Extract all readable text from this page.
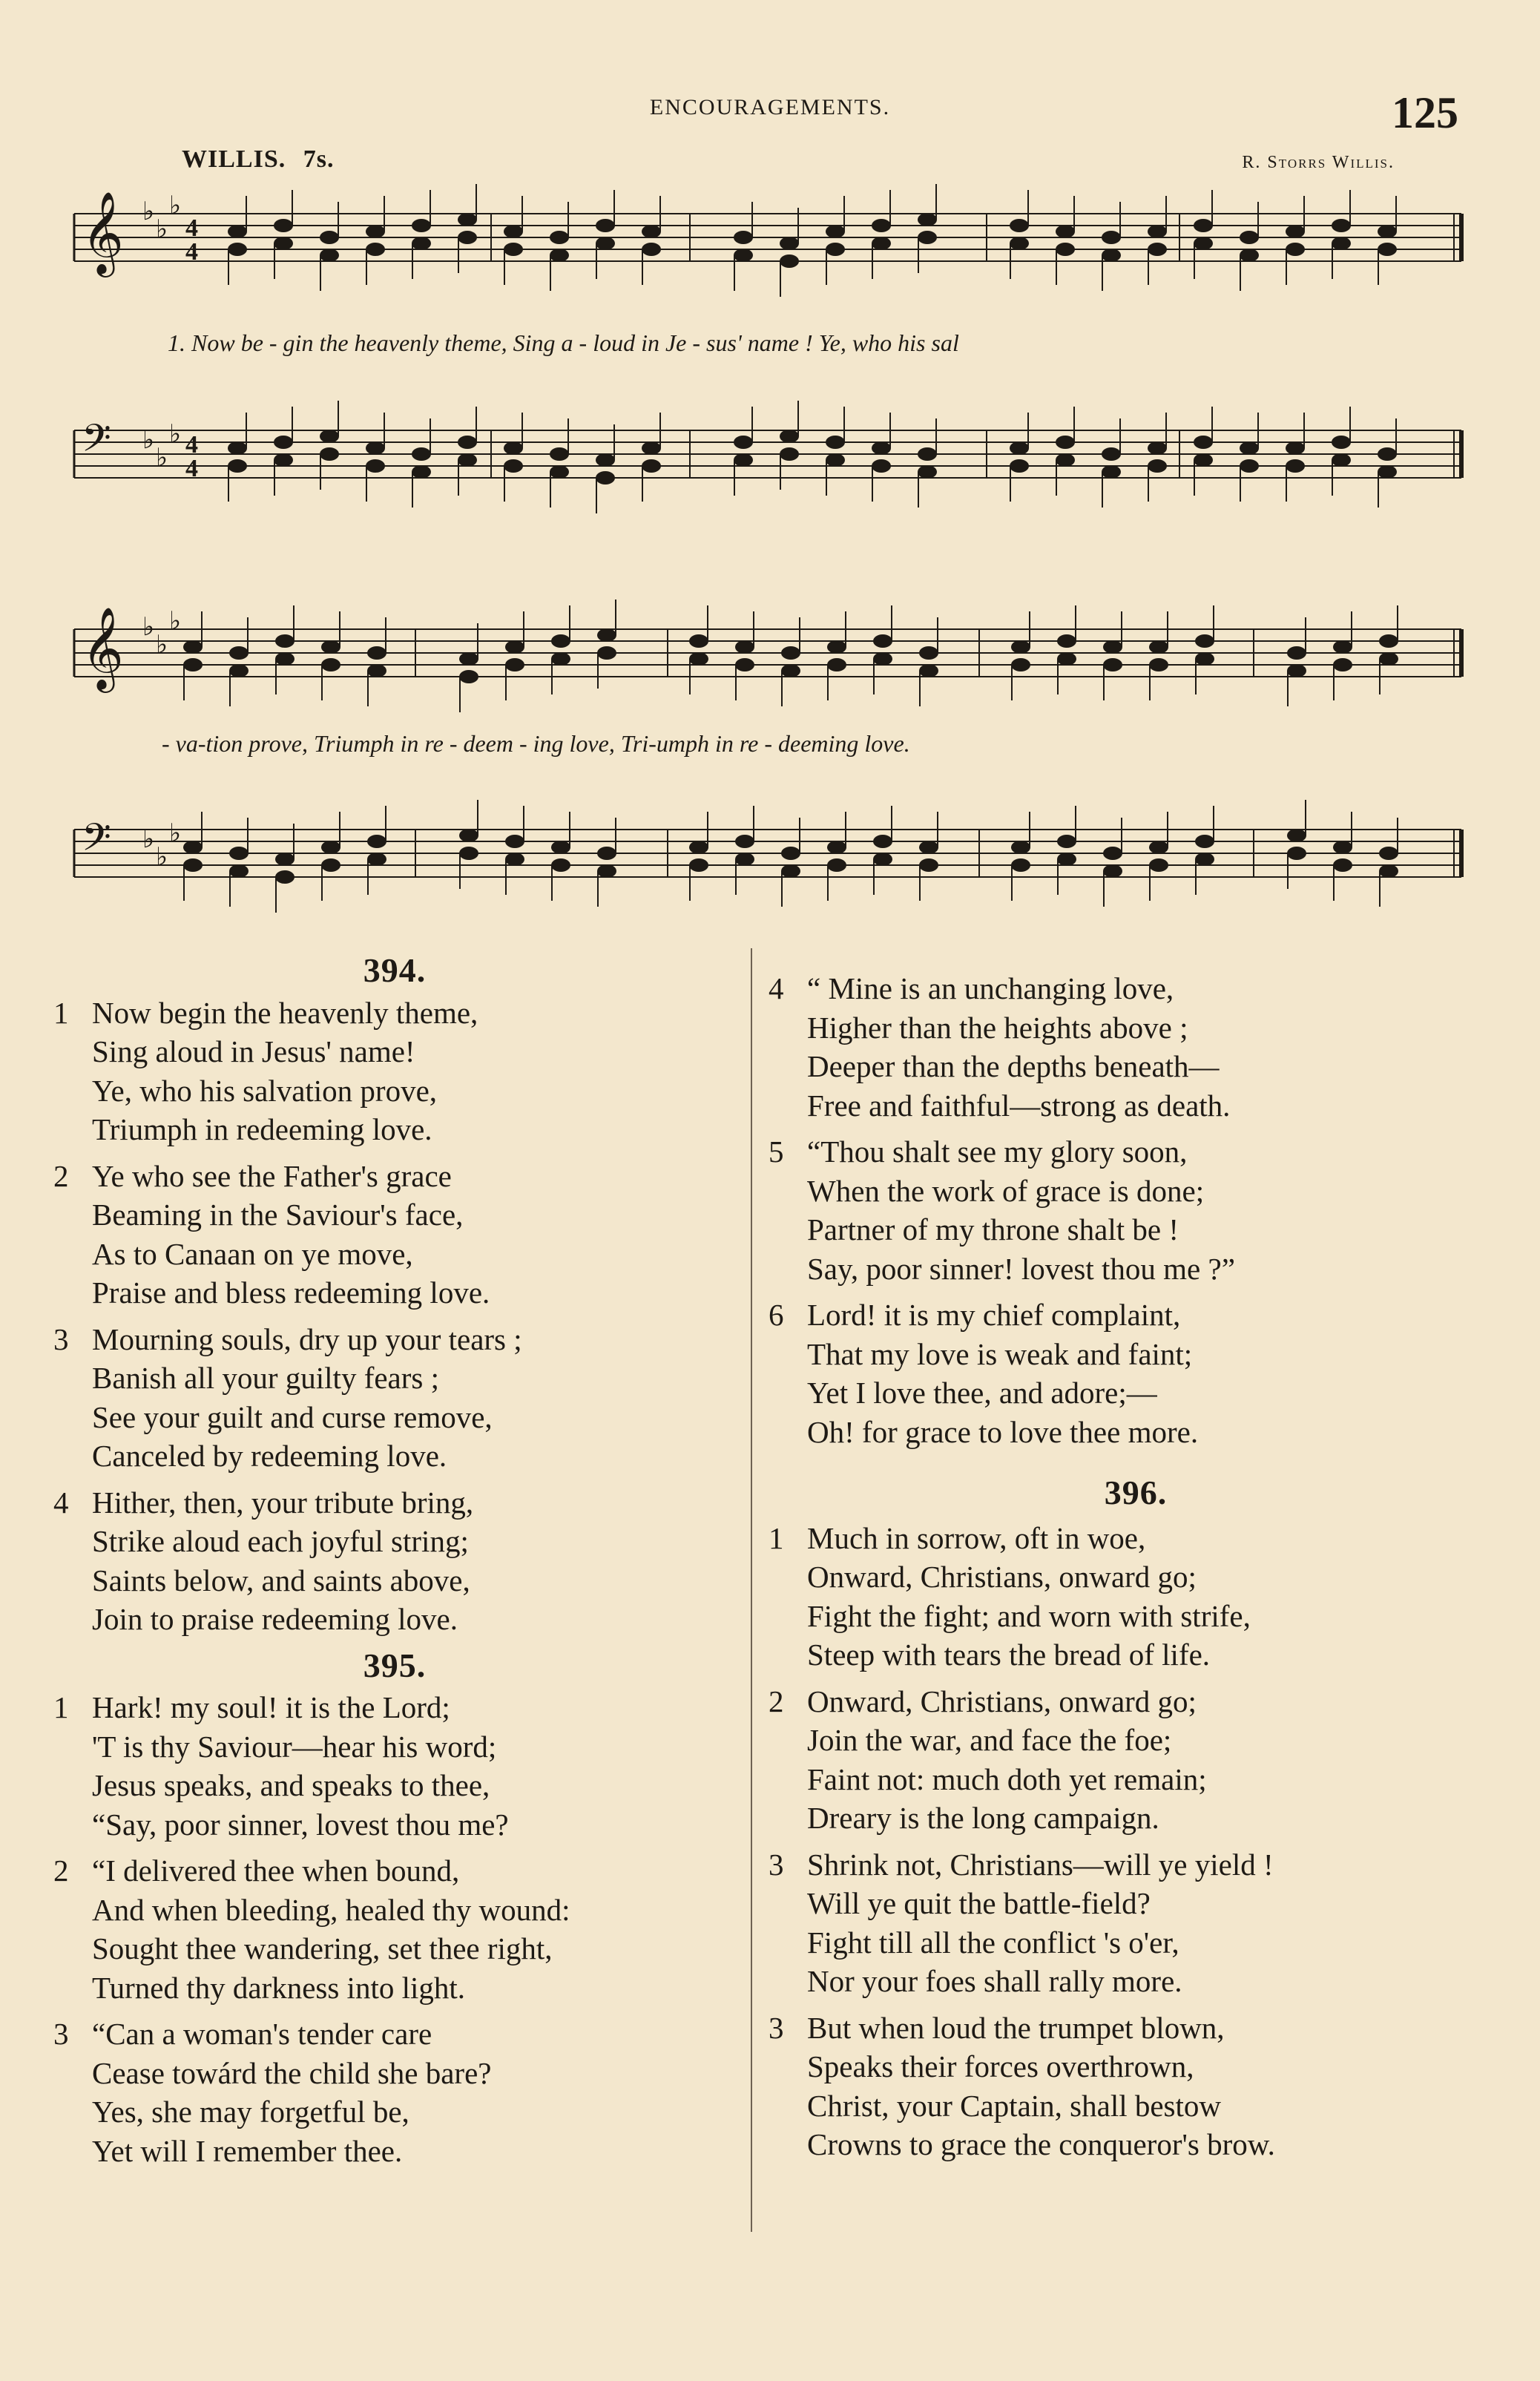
ENCOURAGEMENTS.	125
WILLIS. 7s.	R. Storrs Willis.
𝄞 ♭
♭
♭
4
4
𝄢 ♭
♭
♭ 4
4
𝄞 ♭
♭
♭
𝄢 ♭
♭
♭
1. Now be - gin the heavenly theme, Sing a - loud in Je - sus' name ! Ye, who his sal
- va-tion prove, Triumph in re - deem - ing love, Tri-umph in re - deeming love.
394.
1 Now begin the heavenly theme,
Sing aloud in Jesus' name!
Ye, who his salvation prove,
Triumph in redeeming love.
2 Ye who see the Father's grace
Beaming in the Saviour's face,
As to Canaan on ye move,
Praise and bless redeeming love.
3 Mourning souls, dry up your tears ;
Banish all your guilty fears ;
See your guilt and curse remove,
Canceled by redeeming love.
4 Hither, then, your tribute bring,
Strike aloud each joyful string;
Saints below, and saints above,
Join to praise redeeming love.
395.
1 Hark! my soul! it is the Lord;
'T is thy Saviour—hear his word;
Jesus speaks, and speaks to thee,
“Say, poor sinner, lovest thou me?
2 “I delivered thee when bound,
And when bleeding, healed thy wound:
Sought thee wandering, set thee right,
Turned thy darkness into light.
3 “Can a woman's tender care
Cease towárd the child she bare?
Yes, she may forgetful be,
Yet will I remember thee.
4 “ Mine is an unchanging love,
Higher than the heights above ;
Deeper than the depths beneath—
Free and faithful—strong as death.
5 “Thou shalt see my glory soon,
When the work of grace is done;
Partner of my throne shalt be !
Say, poor sinner! lovest thou me ?”
6 Lord! it is my chief complaint,
That my love is weak and faint;
Yet I love thee, and adore;—
Oh! for grace to love thee more.
396.
1 Much in sorrow, oft in woe,
Onward, Christians, onward go;
Fight the fight; and worn with strife,
Steep with tears the bread of life.
2 Onward, Christians, onward go;
Join the war, and face the foe;
Faint not: much doth yet remain;
Dreary is the long campaign.
3 Shrink not, Christians—will ye yield !
Will ye quit the battle-field?
Fight till all the conflict 's o'er,
Nor your foes shall rally more.
3 But when loud the trumpet blown,
Speaks their forces overthrown,
Christ, your Captain, shall bestow
Crowns to grace the conqueror's brow.
